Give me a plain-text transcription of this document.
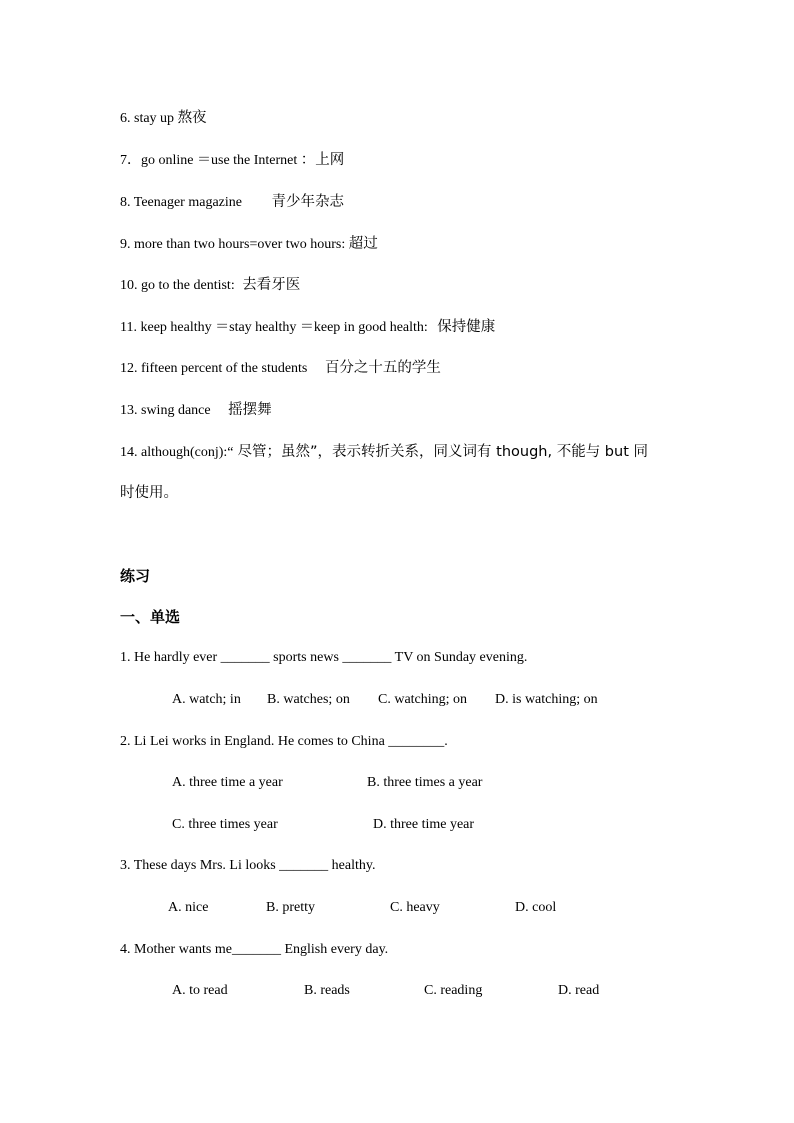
6. stay up 熬夜
7．go online ＝use the Internet ：上网
8. Teenager magazine 青少年杂志
9. more than two hours=over two hours: 超过
10. go to the dentist: 去看牙医
11. keep healthy ＝stay healthy ＝keep in good health: 保持健康
12. fifteen percent of the students 百分之十五的学生
13. swing dance 摇摆舞
14. although(conj):“ 尽管；虽然”，表示转折关系，同义词有 though, 不能与 but 同
时使用。
练习
一、单选
1. He hardly ever _______ sports news _______ TV on Sunday evening.
A. watch; in B. watches; on C. watching; on D. is watching; on
2. Li Lei works in England. He comes to China ________.
A. three time a year	B. three times a year
C. three times year	D. three time year
3. These days Mrs. Li looks _______ healthy.
A. nice	B. pretty	C. heavy	D. cool
4. Mother wants me_______ English every day.
A. to read	B. reads	C. reading	D. read
